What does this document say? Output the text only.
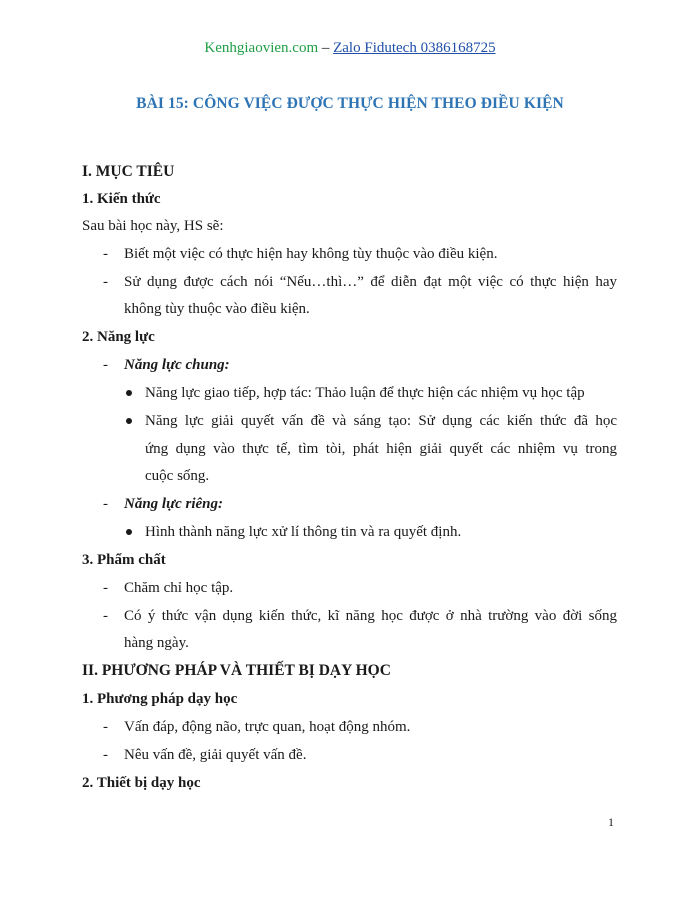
Kenhgiaovien.com – Zalo Fidutech 0386168725
BÀI 15: CÔNG VIỆC ĐƯỢC THỰC HIỆN THEO ĐIỀU KIỆN
I. MỤC TIÊU
1. Kiến thức
Sau bài học này, HS sẽ:
-	Biết một việc có thực hiện hay không tùy thuộc vào điều kiện.
-	Sử dụng được cách nói “Nếu…thì…” để diễn đạt một việc có thực hiện hay
không tùy thuộc vào điều kiện.
2. Năng lực
-	Năng lực chung:
Năng lực giao tiếp, hợp tác: Thảo luận để thực hiện các nhiệm vụ học tập
Năng lực giải quyết vấn đề và sáng tạo: Sử dụng các kiến thức đã học
ứng dụng vào thực tế, tìm tòi, phát hiện giải quyết các nhiệm vụ trong
cuộc sống.
-	Năng lực riêng:
Hình thành năng lực xử lí thông tin và ra quyết định.
3. Phẩm chất
-	Chăm chỉ học tập.
-	Có ý thức vận dụng kiến thức, kĩ năng học được ở nhà trường vào đời sống
hàng ngày.
II. PHƯƠNG PHÁP VÀ THIẾT BỊ DẠY HỌC
1. Phương pháp dạy học
-	Vấn đáp, động não, trực quan, hoạt động nhóm.
-	Nêu vấn đề, giải quyết vấn đề.
2. Thiết bị dạy học
1
